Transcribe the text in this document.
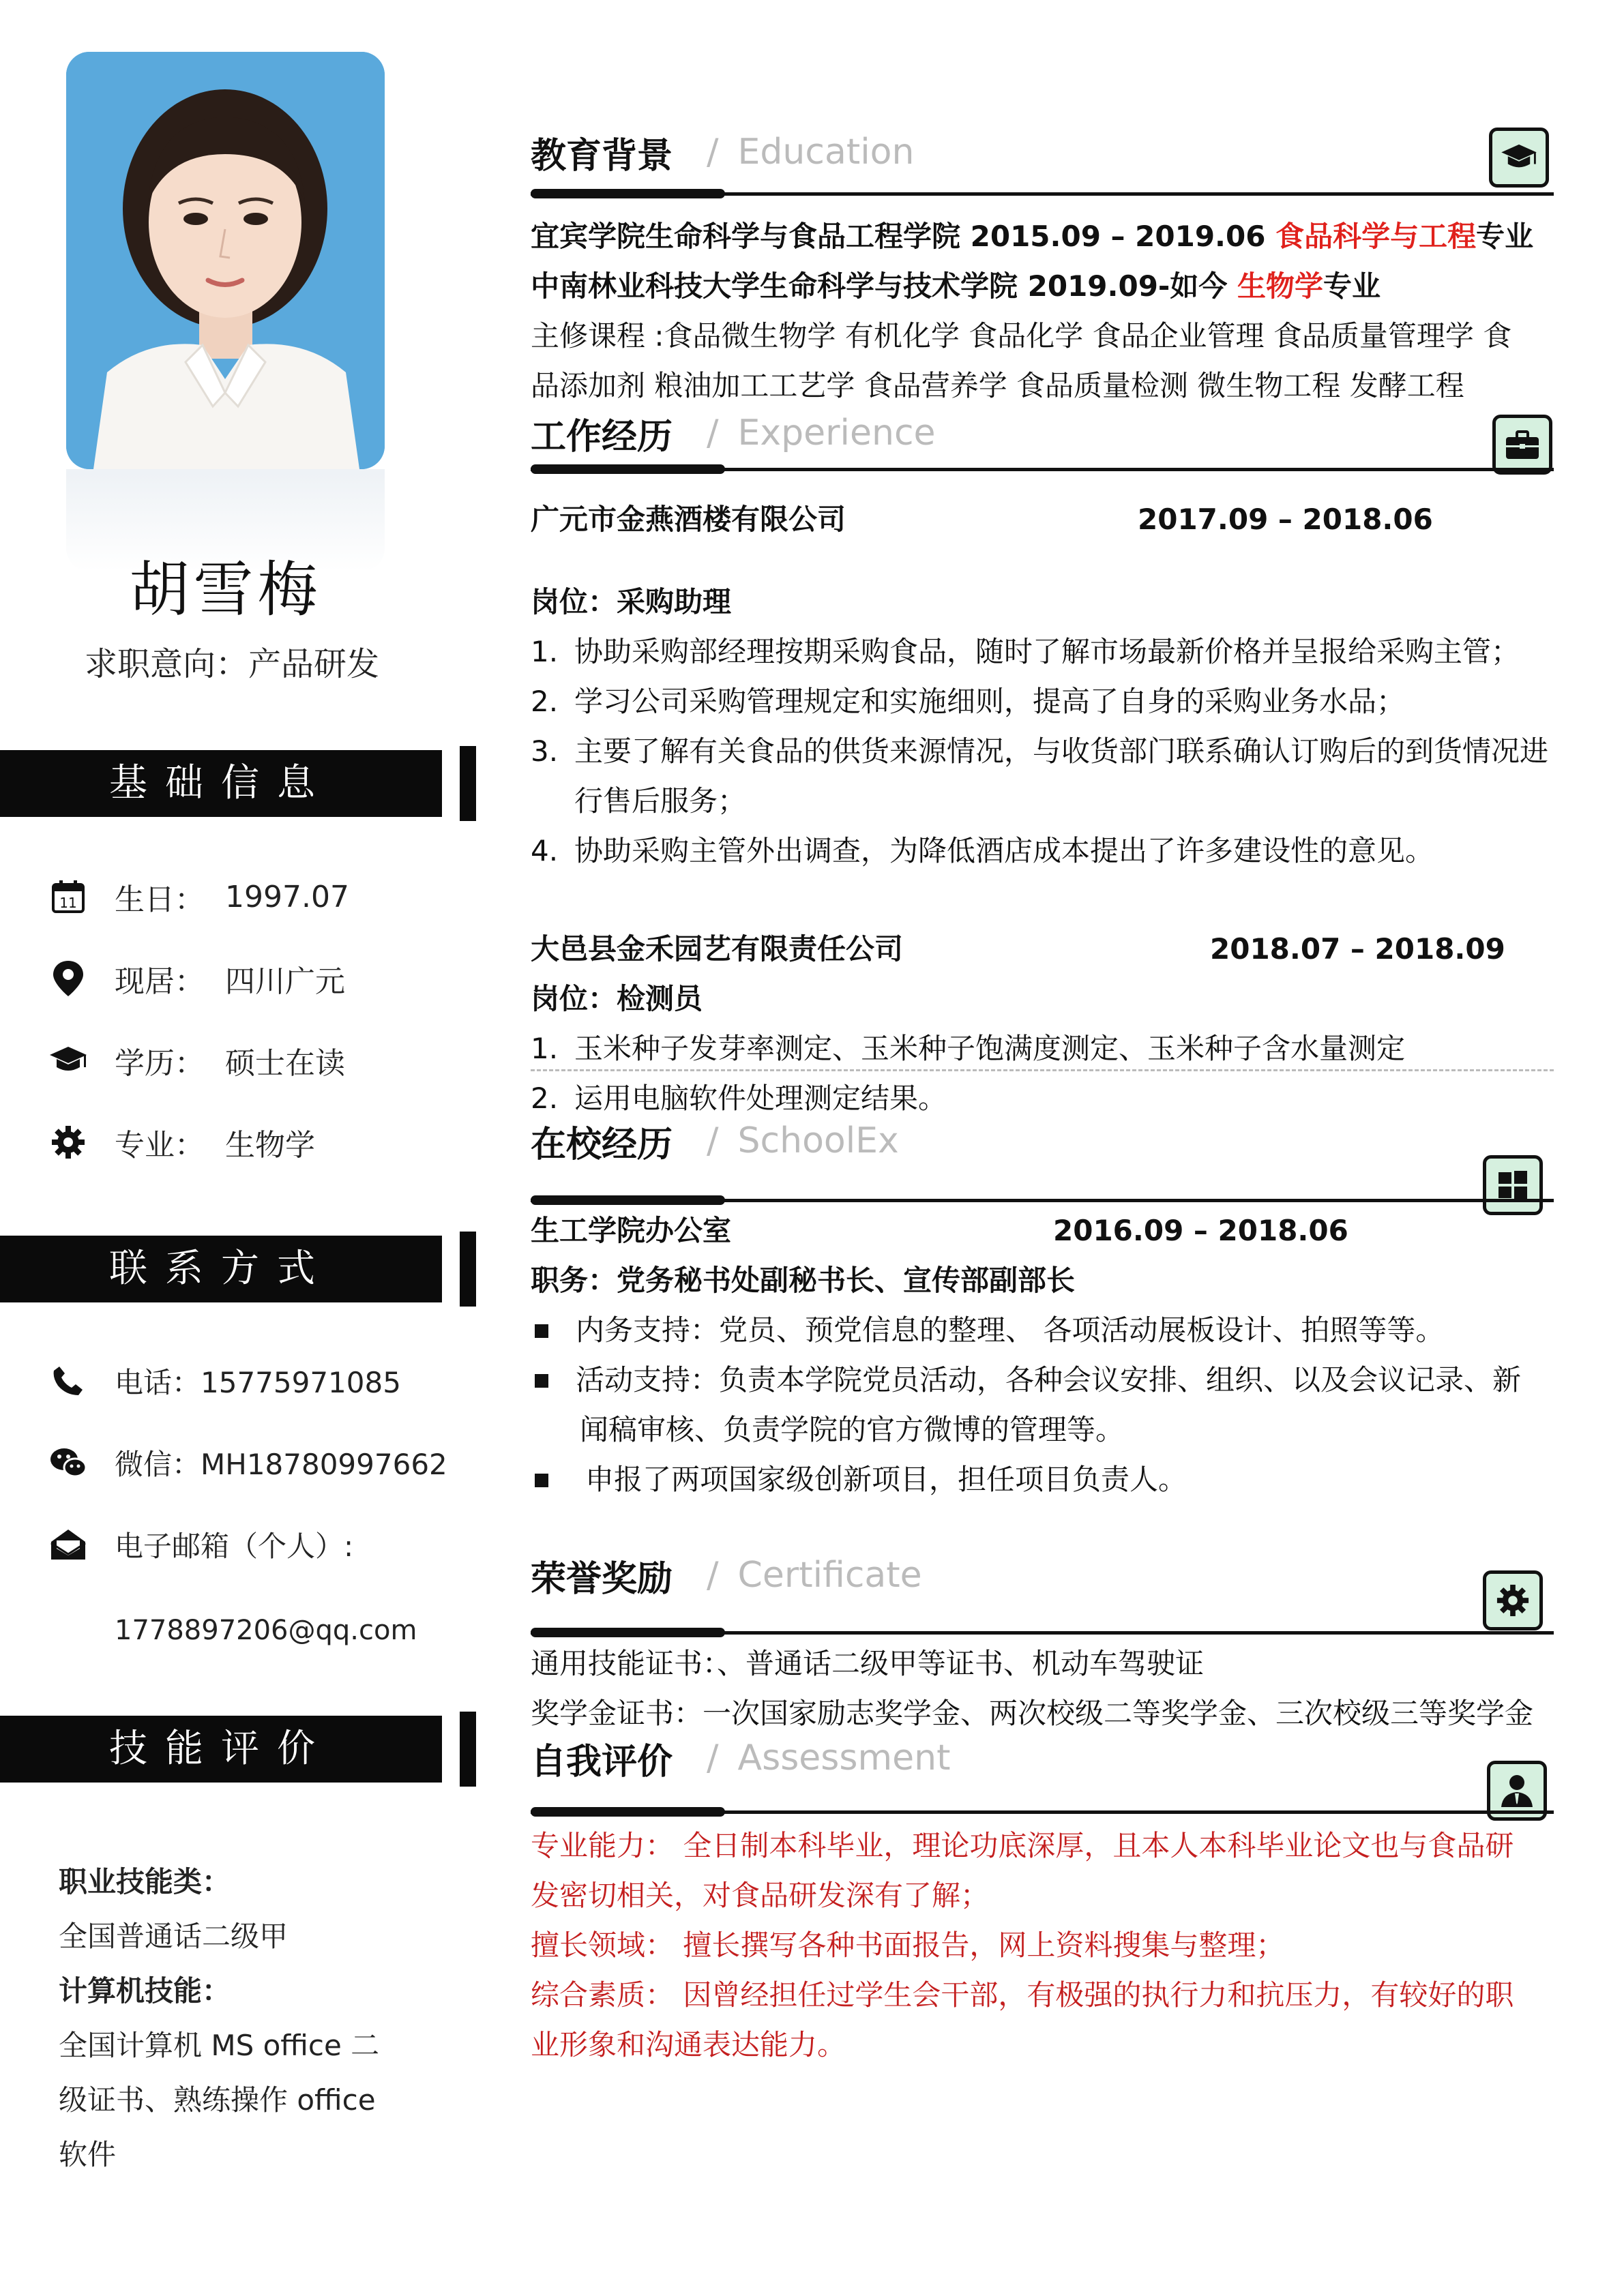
胡雪梅
求职意向：产品研发
基础信息
11 生日： 1997.07
现居： 四川广元
学历： 硕士在读
专业： 生物学
联系方式
电话：15775971085
微信：MH18780997662
电子邮箱（个人）:
1778897206@qq.com
技能评价
职业技能类：
全国普通话二级甲
计算机技能：
全国计算机 MS office 二
级证书、熟练操作 office
软件
教育背景 / Education
宜宾学院生命科学与食品工程学院 2015.09 – 2019.06 食品科学与工程专业
中南林业科技大学生命科学与技术学院 2019.09-如今 生物学专业
主修课程 :食品微生物学 有机化学 食品化学 食品企业管理 食品质量管理学 食
品添加剂 粮油加工工艺学 食品营养学 食品质量检测 微生物工程 发酵工程
工作经历 / Experience
广元市金燕酒楼有限公司	2017.09 – 2018.06
岗位：采购助理
1. 协助采购部经理按期采购食品，随时了解市场最新价格并呈报给采购主管；
2. 学习公司采购管理规定和实施细则，提高了自身的采购业务水品；
3. 主要了解有关食品的供货来源情况，与收货部门联系确认订购后的到货情况进
行售后服务；
4. 协助采购主管外出调查，为降低酒店成本提出了许多建设性的意见。
大邑县金禾园艺有限责任公司	2018.07 – 2018.09
岗位：检测员
1. 玉米种子发芽率测定、玉米种子饱满度测定、玉米种子含水量测定
2. 运用电脑软件处理测定结果。
在校经历 / SchoolEx
生工学院办公室	2016.09 – 2018.06
职务：党务秘书处副秘书长、宣传部副部长
内务支持：党员、预党信息的整理、 各项活动展板设计、拍照等等。
活动支持：负责本学院党员活动，各种会议安排、组织、以及会议记录、新
闻稿审核、负责学院的官方微博的管理等。
申报了两项国家级创新项目，担任项目负责人。
荣誉奖励 / Certificate
通用技能证书：、普通话二级甲等证书、机动车驾驶证
奖学金证书：一次国家励志奖学金、两次校级二等奖学金、三次校级三等奖学金
自我评价 / Assessment
专业能力： 全日制本科毕业，理论功底深厚，且本人本科毕业论文也与食品研
发密切相关，对食品研发深有了解；
擅长领域： 擅长撰写各种书面报告，网上资料搜集与整理；
综合素质： 因曾经担任过学生会干部，有极强的执行力和抗压力，有较好的职
业形象和沟通表达能力。
